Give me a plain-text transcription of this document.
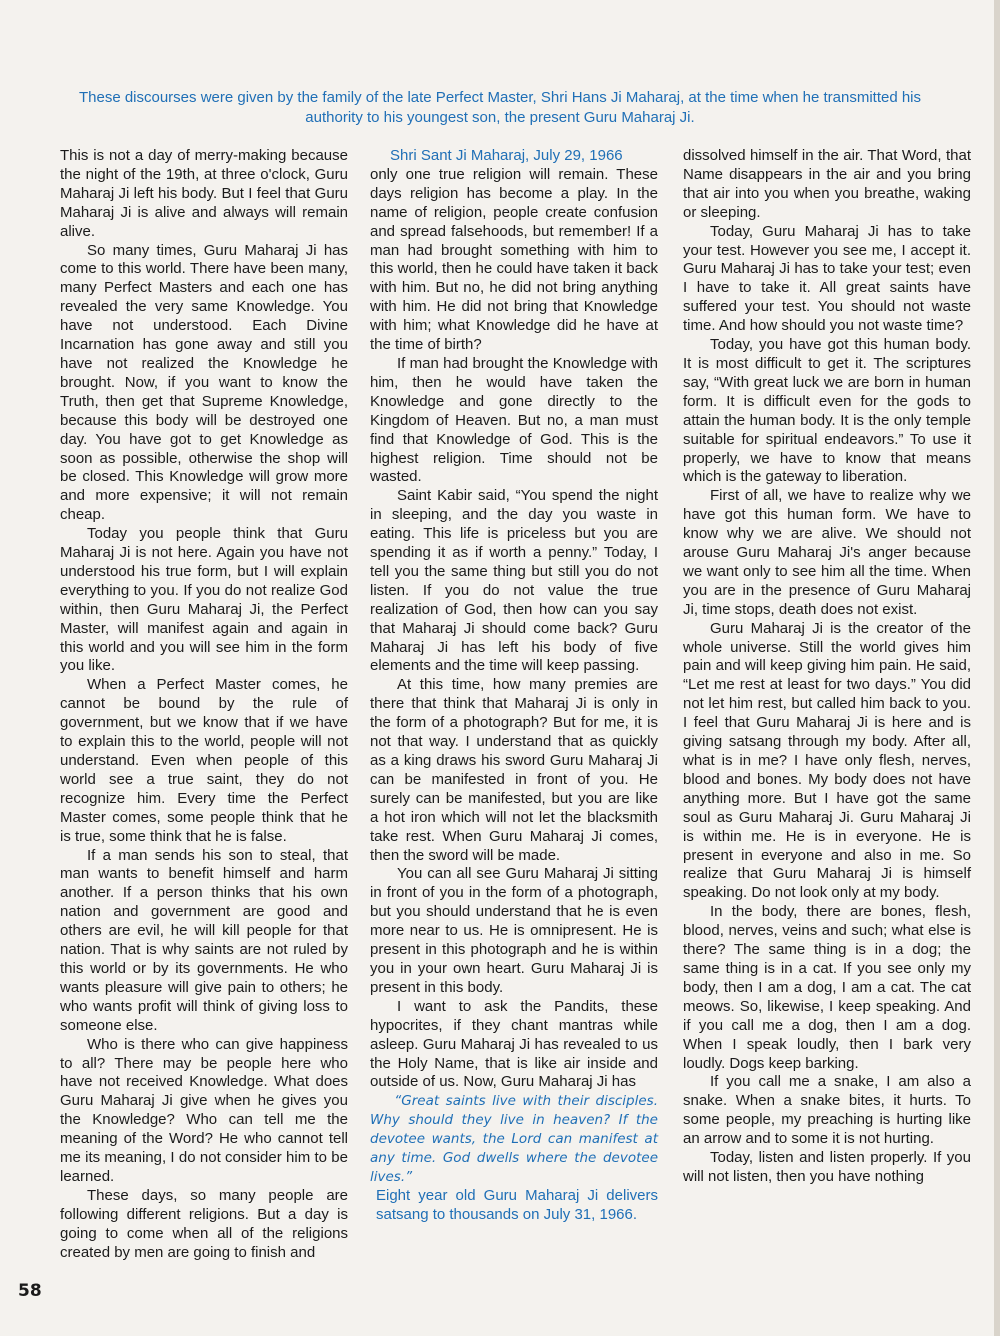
These discourses were given by the family of the late Perfect Master, Shri Hans Ji Maharaj, at the time when he transmitted his authority to his youngest son, the present Guru Maharaj Ji.

This is not a day of merry-making because the night of the 19th, at three o'clock, Guru Maharaj Ji left his body. But I feel that Guru Maharaj Ji is alive and always will remain alive.

So many times, Guru Maharaj Ji has come to this world. There have been many, many Perfect Masters and each one has revealed the very same Knowledge. You have not understood. Each Divine Incarnation has gone away and still you have not realized the Knowledge he brought. Now, if you want to know the Truth, then get that Supreme Knowledge, because this body will be destroyed one day. You have got to get Knowledge as soon as possible, otherwise the shop will be closed. This Knowledge will grow more and more expensive; it will not remain cheap.

Today you people think that Guru Maharaj Ji is not here. Again you have not understood his true form, but I will explain everything to you. If you do not realize God within, then Guru Maharaj Ji, the Perfect Master, will manifest again and again in this world and you will see him in the form you like.

When a Perfect Master comes, he cannot be bound by the rule of government, but we know that if we have to explain this to the world, people will not understand. Even when people of this world see a true saint, they do not recognize him. Every time the Perfect Master comes, some people think that he is true, some think that he is false.

If a man sends his son to steal, that man wants to benefit himself and harm another. If a person thinks that his own nation and government are good and others are evil, he will kill people for that nation. That is why saints are not ruled by this world or by its governments. He who wants pleasure will give pain to others; he who wants profit will think of giving loss to someone else.

Who is there who can give happiness to all? There may be people here who have not received Knowledge. What does Guru Maharaj Ji give when he gives you the Knowledge? Who can tell me the meaning of the Word? He who cannot tell me its meaning, I do not consider him to be learned.

These days, so many people are following different religions. But a day is going to come when all of the religions created by men are going to finish and

Shri Sant Ji Maharaj, July 29, 1966

only one true religion will remain. These days religion has become a play. In the name of religion, people create confusion and spread falsehoods, but remember! If a man had brought something with him to this world, then he could have taken it back with him. But no, he did not bring anything with him. He did not bring that Knowledge with him; what Knowledge did he have at the time of birth?

If man had brought the Knowledge with him, then he would have taken the Knowledge and gone directly to the Kingdom of Heaven. But no, a man must find that Knowledge of God. This is the highest religion. Time should not be wasted.

Saint Kabir said, “You spend the night in sleeping, and the day you waste in eating. This life is priceless but you are spending it as if worth a penny.” Today, I tell you the same thing but still you do not listen. If you do not value the true realization of God, then how can you say that Maharaj Ji should come back? Guru Maharaj Ji has left his body of five elements and the time will keep passing.

At this time, how many premies are there that think that Maharaj Ji is only in the form of a photograph? But for me, it is not that way. I understand that as quickly as a king draws his sword Guru Maharaj Ji can be manifested in front of you. He surely can be manifested, but you are like a hot iron which will not let the blacksmith take rest. When Guru Maharaj Ji comes, then the sword will be made.

You can all see Guru Maharaj Ji sitting in front of you in the form of a photograph, but you should understand that he is even more near to us. He is omnipresent. He is present in this photograph and he is within you in your own heart. Guru Maharaj Ji is present in this body.

I want to ask the Pandits, these hypocrites, if they chant mantras while asleep. Guru Maharaj Ji has revealed to us the Holy Name, that is like air inside and outside of us. Now, Guru Maharaj Ji has

“Great saints live with their disciples. Why should they live in heaven? If the devotee wants, the Lord can manifest at any time. God dwells where the devotee lives.”

Eight year old Guru Maharaj Ji delivers satsang to thousands on July 31, 1966.

dissolved himself in the air. That Word, that Name disappears in the air and you bring that air into you when you breathe, waking or sleeping.

Today, Guru Maharaj Ji has to take your test. However you see me, I accept it. Guru Maharaj Ji has to take your test; even I have to take it. All great saints have suffered your test. You should not waste time. And how should you not waste time?

Today, you have got this human body. It is most difficult to get it. The scriptures say, “With great luck we are born in human form. It is difficult even for the gods to attain the human body. It is the only temple suitable for spiritual endeavors.” To use it properly, we have to know that means which is the gateway to liberation.

First of all, we have to realize why we have got this human form. We have to know why we are alive. We should not arouse Guru Maharaj Ji's anger because we want only to see him all the time. When you are in the presence of Guru Maharaj Ji, time stops, death does not exist.

Guru Maharaj Ji is the creator of the whole universe. Still the world gives him pain and will keep giving him pain. He said, “Let me rest at least for two days.” You did not let him rest, but called him back to you. I feel that Guru Maharaj Ji is here and is giving satsang through my body. After all, what is in me? I have only flesh, nerves, blood and bones. My body does not have anything more. But I have got the same soul as Guru Maharaj Ji. Guru Maharaj Ji is within me. He is in everyone. He is present in everyone and also in me. So realize that Guru Maharaj Ji is himself speaking. Do not look only at my body.

In the body, there are bones, flesh, blood, nerves, veins and such; what else is there? The same thing is in a dog; the same thing is in a cat. If you see only my body, then I am a dog, I am a cat. The cat meows. So, likewise, I keep speaking. And if you call me a dog, then I am a dog. When I speak loudly, then I bark very loudly. Dogs keep barking.

If you call me a snake, I am also a snake. When a snake bites, it hurts. To some people, my preaching is hurting like an arrow and to some it is not hurting.

Today, listen and listen properly. If you will not listen, then you have nothing

58
